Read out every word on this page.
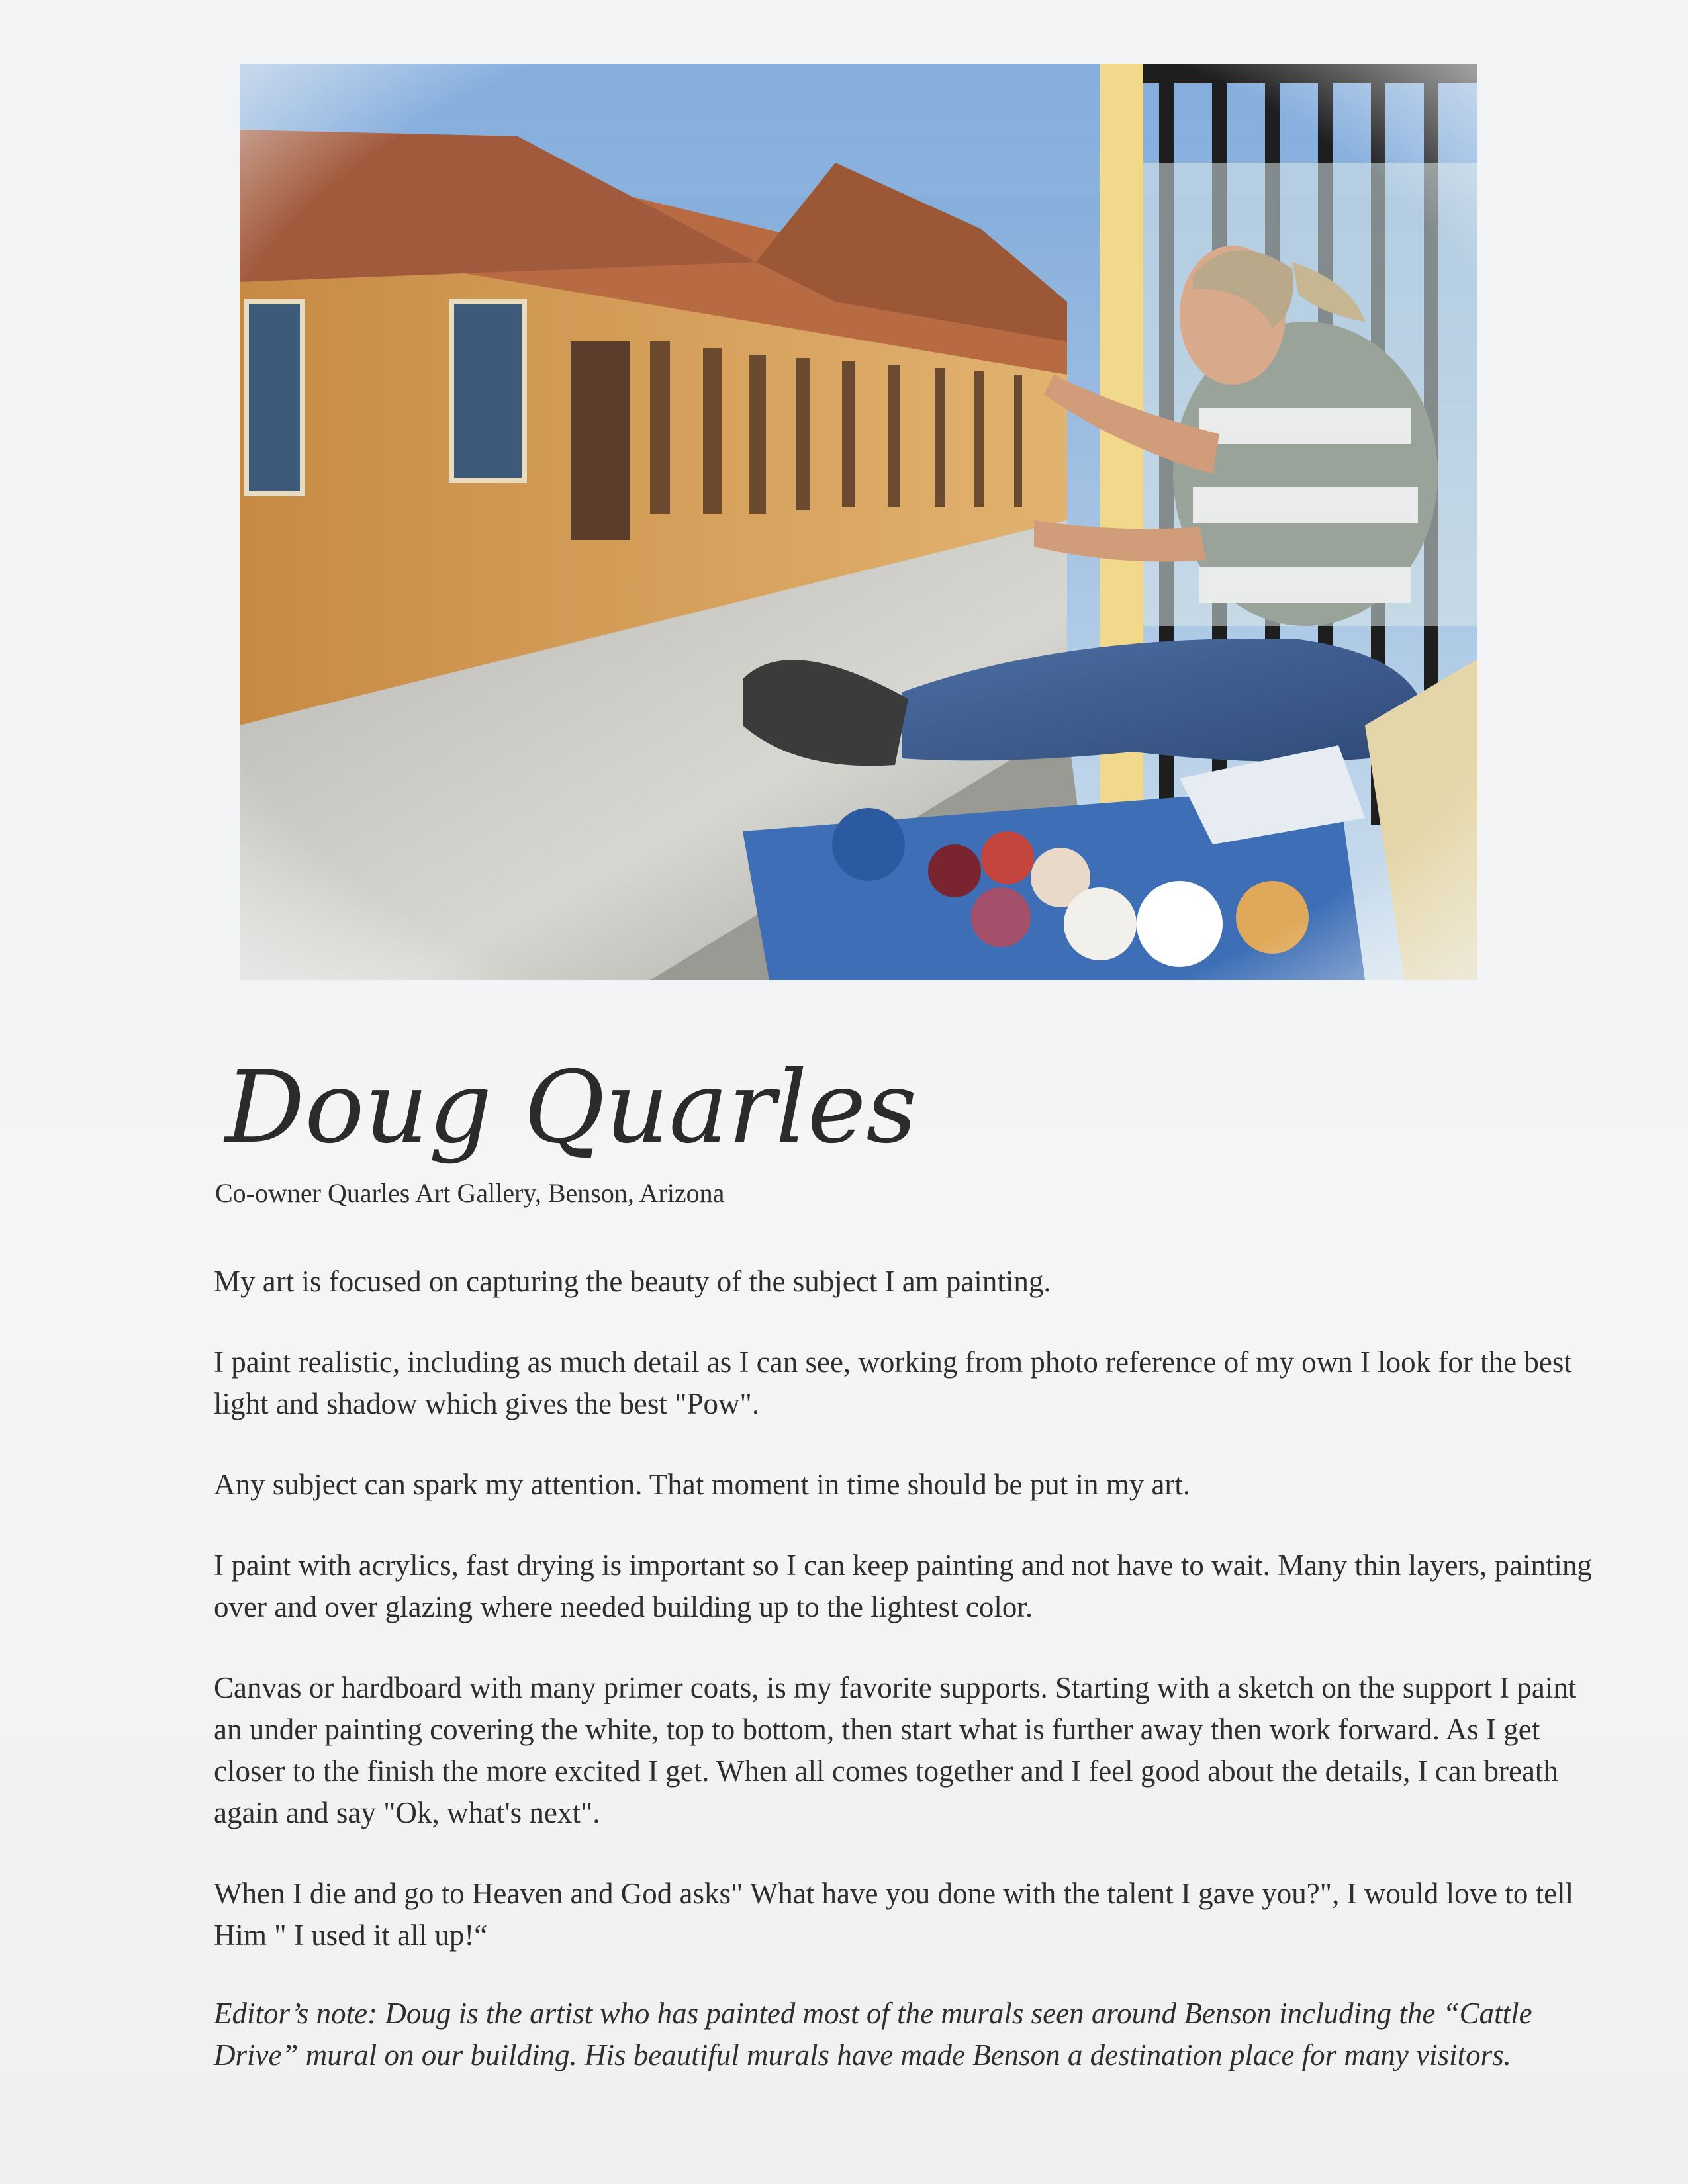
Doug Quarles
Co-owner Quarles Art Gallery, Benson, Arizona

My art is focused on capturing the beauty of the subject I am painting.

I paint realistic, including as much detail as I can see, working from photo reference of my own I look for the best light and shadow which gives the best "Pow".

Any subject can spark my attention. That moment in time should be put in my art.

I paint with acrylics, fast drying is important so I can keep painting and not have to wait. Many thin layers, painting over and over glazing where needed building up to the lightest color.

Canvas or hardboard with many primer coats, is my favorite supports. Starting with a sketch on the support I paint an under painting covering the white, top to bottom, then start what is further away then work forward. As I get closer to the finish the more excited I get. When all comes together and I feel good about the details, I can breath again and say "Ok, what's next".

When I die and go to Heaven and God asks" What have you done with the talent I gave you?", I would love to tell Him " I used it all up!“

Editor’s note: Doug is the artist who has painted most of the murals seen around Benson including the “Cattle Drive” mural on our building. His beautiful murals have made Benson a destination place for many visitors.
